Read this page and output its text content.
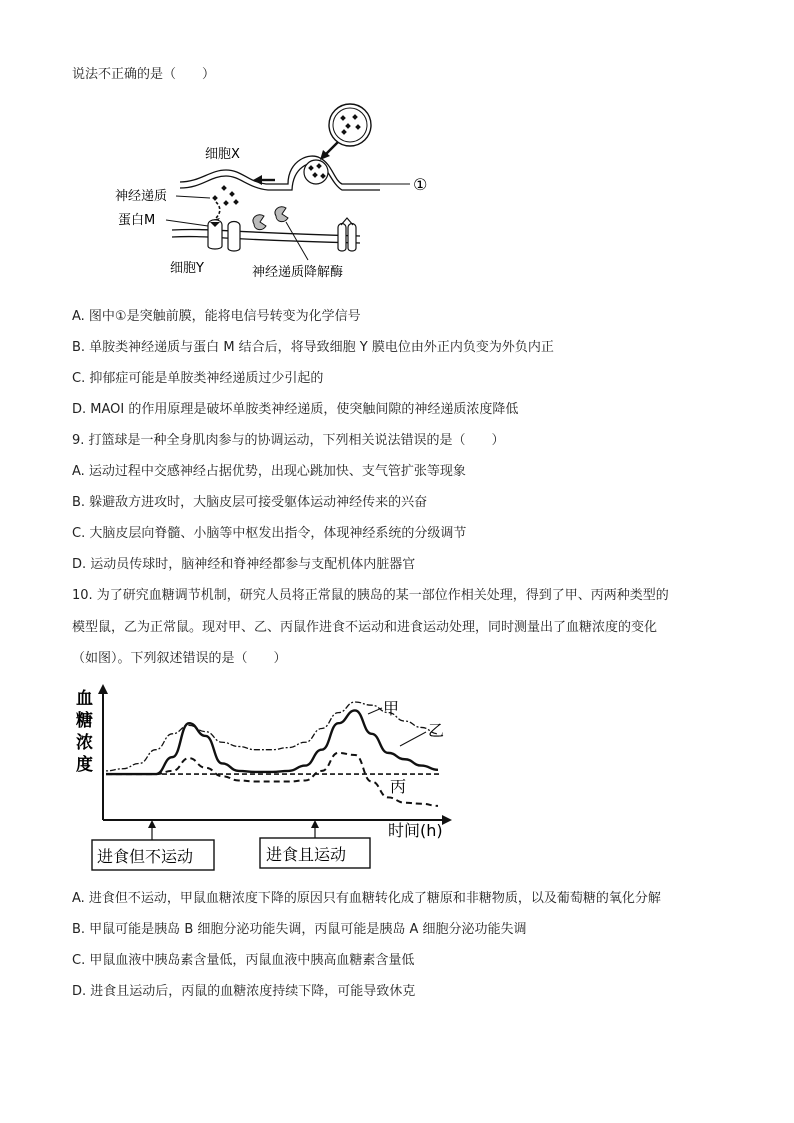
说法不正确的是（　　）
①
细胞X
神经递质
蛋白M
细胞Y	神经递质降解酶
A. 图中①是突触前膜，能将电信号转变为化学信号
B. 单胺类神经递质与蛋白 M 结合后，将导致细胞 Y 膜电位由外正内负变为外负内正
C. 抑郁症可能是单胺类神经递质过少引起的
D. MAOI 的作用原理是破坏单胺类神经递质，使突触间隙的神经递质浓度降低
9. 打篮球是一种全身肌肉参与的协调运动，下列相关说法错误的是（　　）
A. 运动过程中交感神经占据优势，出现心跳加快、支气管扩张等现象
B. 躲避敌方进攻时，大脑皮层可接受躯体运动神经传来的兴奋
C. 大脑皮层向脊髓、小脑等中枢发出指令，体现神经系统的分级调节
D. 运动员传球时，脑神经和脊神经都参与支配机体内脏器官
10. 为了研究血糖调节机制，研究人员将正常鼠的胰岛的某一部位作相关处理，得到了甲、丙两种类型的
模型鼠，乙为正常鼠。现对甲、乙、丙鼠作进食不运动和进食运动处理，同时测量出了血糖浓度的变化
（如图）。下列叙述错误的是（　　）
血糖浓度
时间(h)
进食但不运动	进食且运动
甲
乙
丙
A. 进食但不运动，甲鼠血糖浓度下降的原因只有血糖转化成了糖原和非糖物质，以及葡萄糖的氧化分解
B. 甲鼠可能是胰岛 B 细胞分泌功能失调，丙鼠可能是胰岛 A 细胞分泌功能失调
C. 甲鼠血液中胰岛素含量低，丙鼠血液中胰高血糖素含量低
D. 进食且运动后，丙鼠的血糖浓度持续下降，可能导致休克
